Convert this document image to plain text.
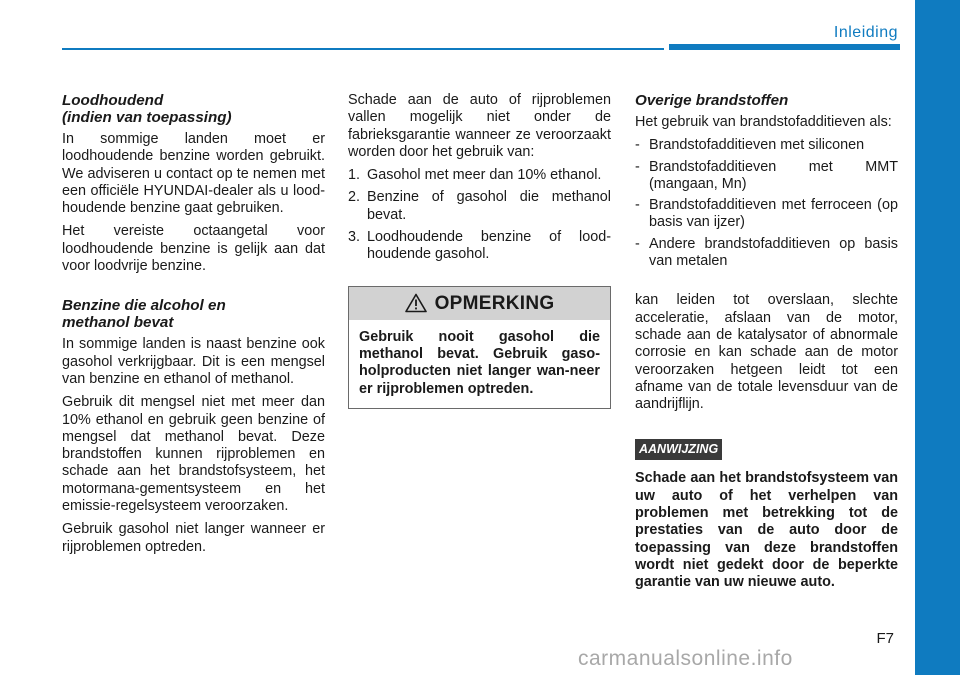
Inleiding
Loodhoudend
(indien van toepassing)

In sommige landen moet er loodhoudende benzine worden gebruikt. We adviseren u contact op te nemen met een officiële HYUNDAI-dealer als u lood-houdende benzine gaat gebruiken.

Het vereiste octaangetal voor loodhoudende benzine is gelijk aan dat voor loodvrije benzine.

Benzine die alcohol en
methanol bevat

In sommige landen is naast benzine ook gasohol verkrijgbaar. Dit is een mengsel van benzine en ethanol of methanol.

Gebruik dit mengsel niet met meer dan 10% ethanol en gebruik geen benzine of mengsel dat methanol bevat. Deze brandstoffen kunnen rijproblemen en schade aan het brandstofsysteem, het motormana-gementsysteem en het emissie-regelsysteem veroorzaken.

Gebruik gasohol niet langer wanneer er rijproblemen optreden.

Schade aan de auto of rijproblemen vallen mogelijk niet onder de fabrieksgarantie wanneer ze veroorzaakt worden door het gebruik van:

1. Gasohol met meer dan 10% ethanol.
2. Benzine of gasohol die methanol bevat.
3. Loodhoudende benzine of lood-houdende gasohol.
OPMERKING
Gebruik nooit gasohol die methanol bevat. Gebruik gaso-holproducten niet langer wan-neer er rijproblemen optreden.
Overige brandstoffen

Het gebruik van brandstofadditieven als:

- Brandstofadditieven met siliconen
- Brandstofadditieven met MMT (mangaan, Mn)
- Brandstofadditieven met ferroceen (op basis van ijzer)
- Andere brandstofadditieven op basis van metalen

kan leiden tot overslaan, slechte acceleratie, afslaan van de motor, schade aan de katalysator of abnormale corrosie en kan schade aan de motor veroorzaken hetgeen leidt tot een afname van de totale levensduur van de aandrijflijn.

AANWIJZING

Schade aan het brandstofsysteem van uw auto of het verhelpen van problemen met betrekking tot de prestaties van de auto door de toepassing van deze brandstoffen wordt niet gedekt door de beperkte garantie van uw nieuwe auto.

F7
carmanualsonline.info
